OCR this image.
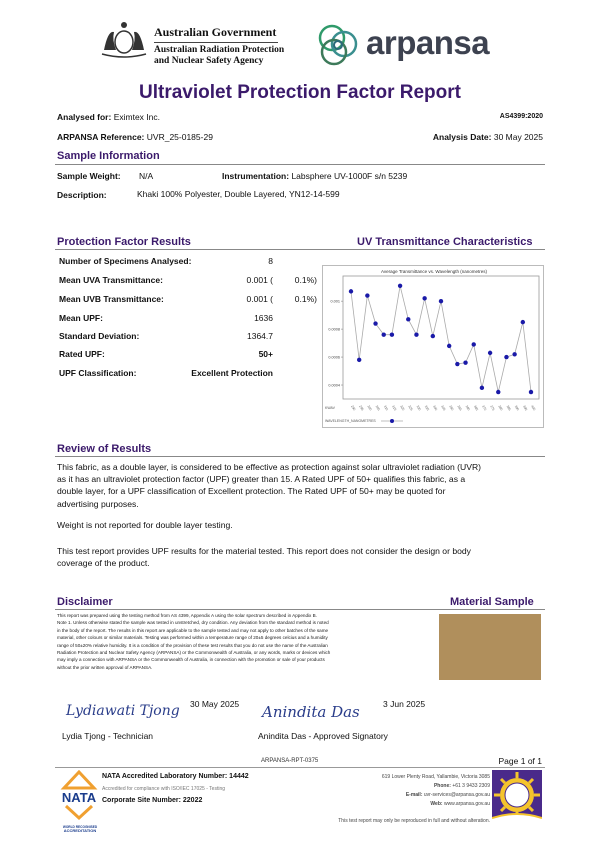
Australian Government
Australian Radiation Protection
and Nuclear Safety Agency	arpansa
Ultraviolet Protection Factor Report
Analysed for: Eximtex Inc.	AS4399:2020
ARPANSA Reference: UVR_25-0185-29	Analysis Date: 30 May 2025
Sample Information
Sample Weight: N/A	Instrumentation: Labsphere UV-1000F s/n 5239
Description:	Khaki 100% Polyester, Double Layered, YN12-14-599
Protection Factor Results	UV Transmittance Characteristics
Number of Specimens Analysed:	8
Mean UVA Transmittance:	0.001 (	0.1%)
Mean UVB Transmittance:	0.001 (	0.1%)
Mean UPF:	1636
Standard Deviation:	1364.7
Rated UPF:	50+
UPF Classification:	Excellent Protection
Average Transmittance vs. Wavelength (nanometres)
0.001
0.0008
0.0006
0.0004
KWAV	290 295 300 305 310 315 320 325 330 335 340 345 350 355 360 365 370 375 380 385 390 395 400
WAVELENGTH_NANOMETRES
Review of Results
This fabric, as a double layer, is considered to be effective as protection against solar ultraviolet radiation (UVR)
as it has an ultraviolet protection factor (UPF) greater than 15. A Rated UPF of 50+ qualifies this fabric, as a
double layer, for a UPF classification of Excellent protection. The Rated UPF of 50+ may be quoted for
advertising purposes.
Weight is not reported for double layer testing.
This test report provides UPF results for the material tested. This report does not consider the design or body
coverage of the product.
Disclaimer	Material Sample
This report was prepared using the testing method from AS 4399, Appendix A using the solar spectrum described in Appendix B.
Note 1. Unless otherwise stated the sample was tested in unstretched, dry condition. Any deviation from the standard method is noted
in the body of the report. The results in this report are applicable to the sample tested and may not apply to other batches of the same
material, other colours or similar materials. Testing was performed within a temperature range of 20±5 degrees celcius and a humidity
range of 50±20% relative humidity. It is a condition of the provision of these test results that you do not use the name of the Australian
Radiation Protection and Nuclear Safety Agency (ARPANSA) or the Commonwealth of Australia, or any words, marks or devices which
may imply a connection with ARPANSA or the Commonwealth of Australia, in connection with the promotion or sale of your products
without the prior written approval of ARPANSA.
Lydiawati Tjong 30 May 2025
Lydia Tjong - Technician
Anindita Das	3 Jun 2025
Anindita Das - Approved Signatory
ARPANSA-RPT-0375	Page 1 of 1
NATA
WORLD RECOGNISED
ACCREDITATION
NATA Accredited Laboratory Number: 14442
Accredited for compliance with ISO/IEC 17025 - Testing
Corporate Site Number: 22022
619 Lower Plenty Road, Yallambie, Victoria 3085
Phone: +61 3 9433 2309
E-mail: uvr-services@arpansa.gov.au
Web: www.arpansa.gov.au
This test report may only be reproduced in full and without alteration.
